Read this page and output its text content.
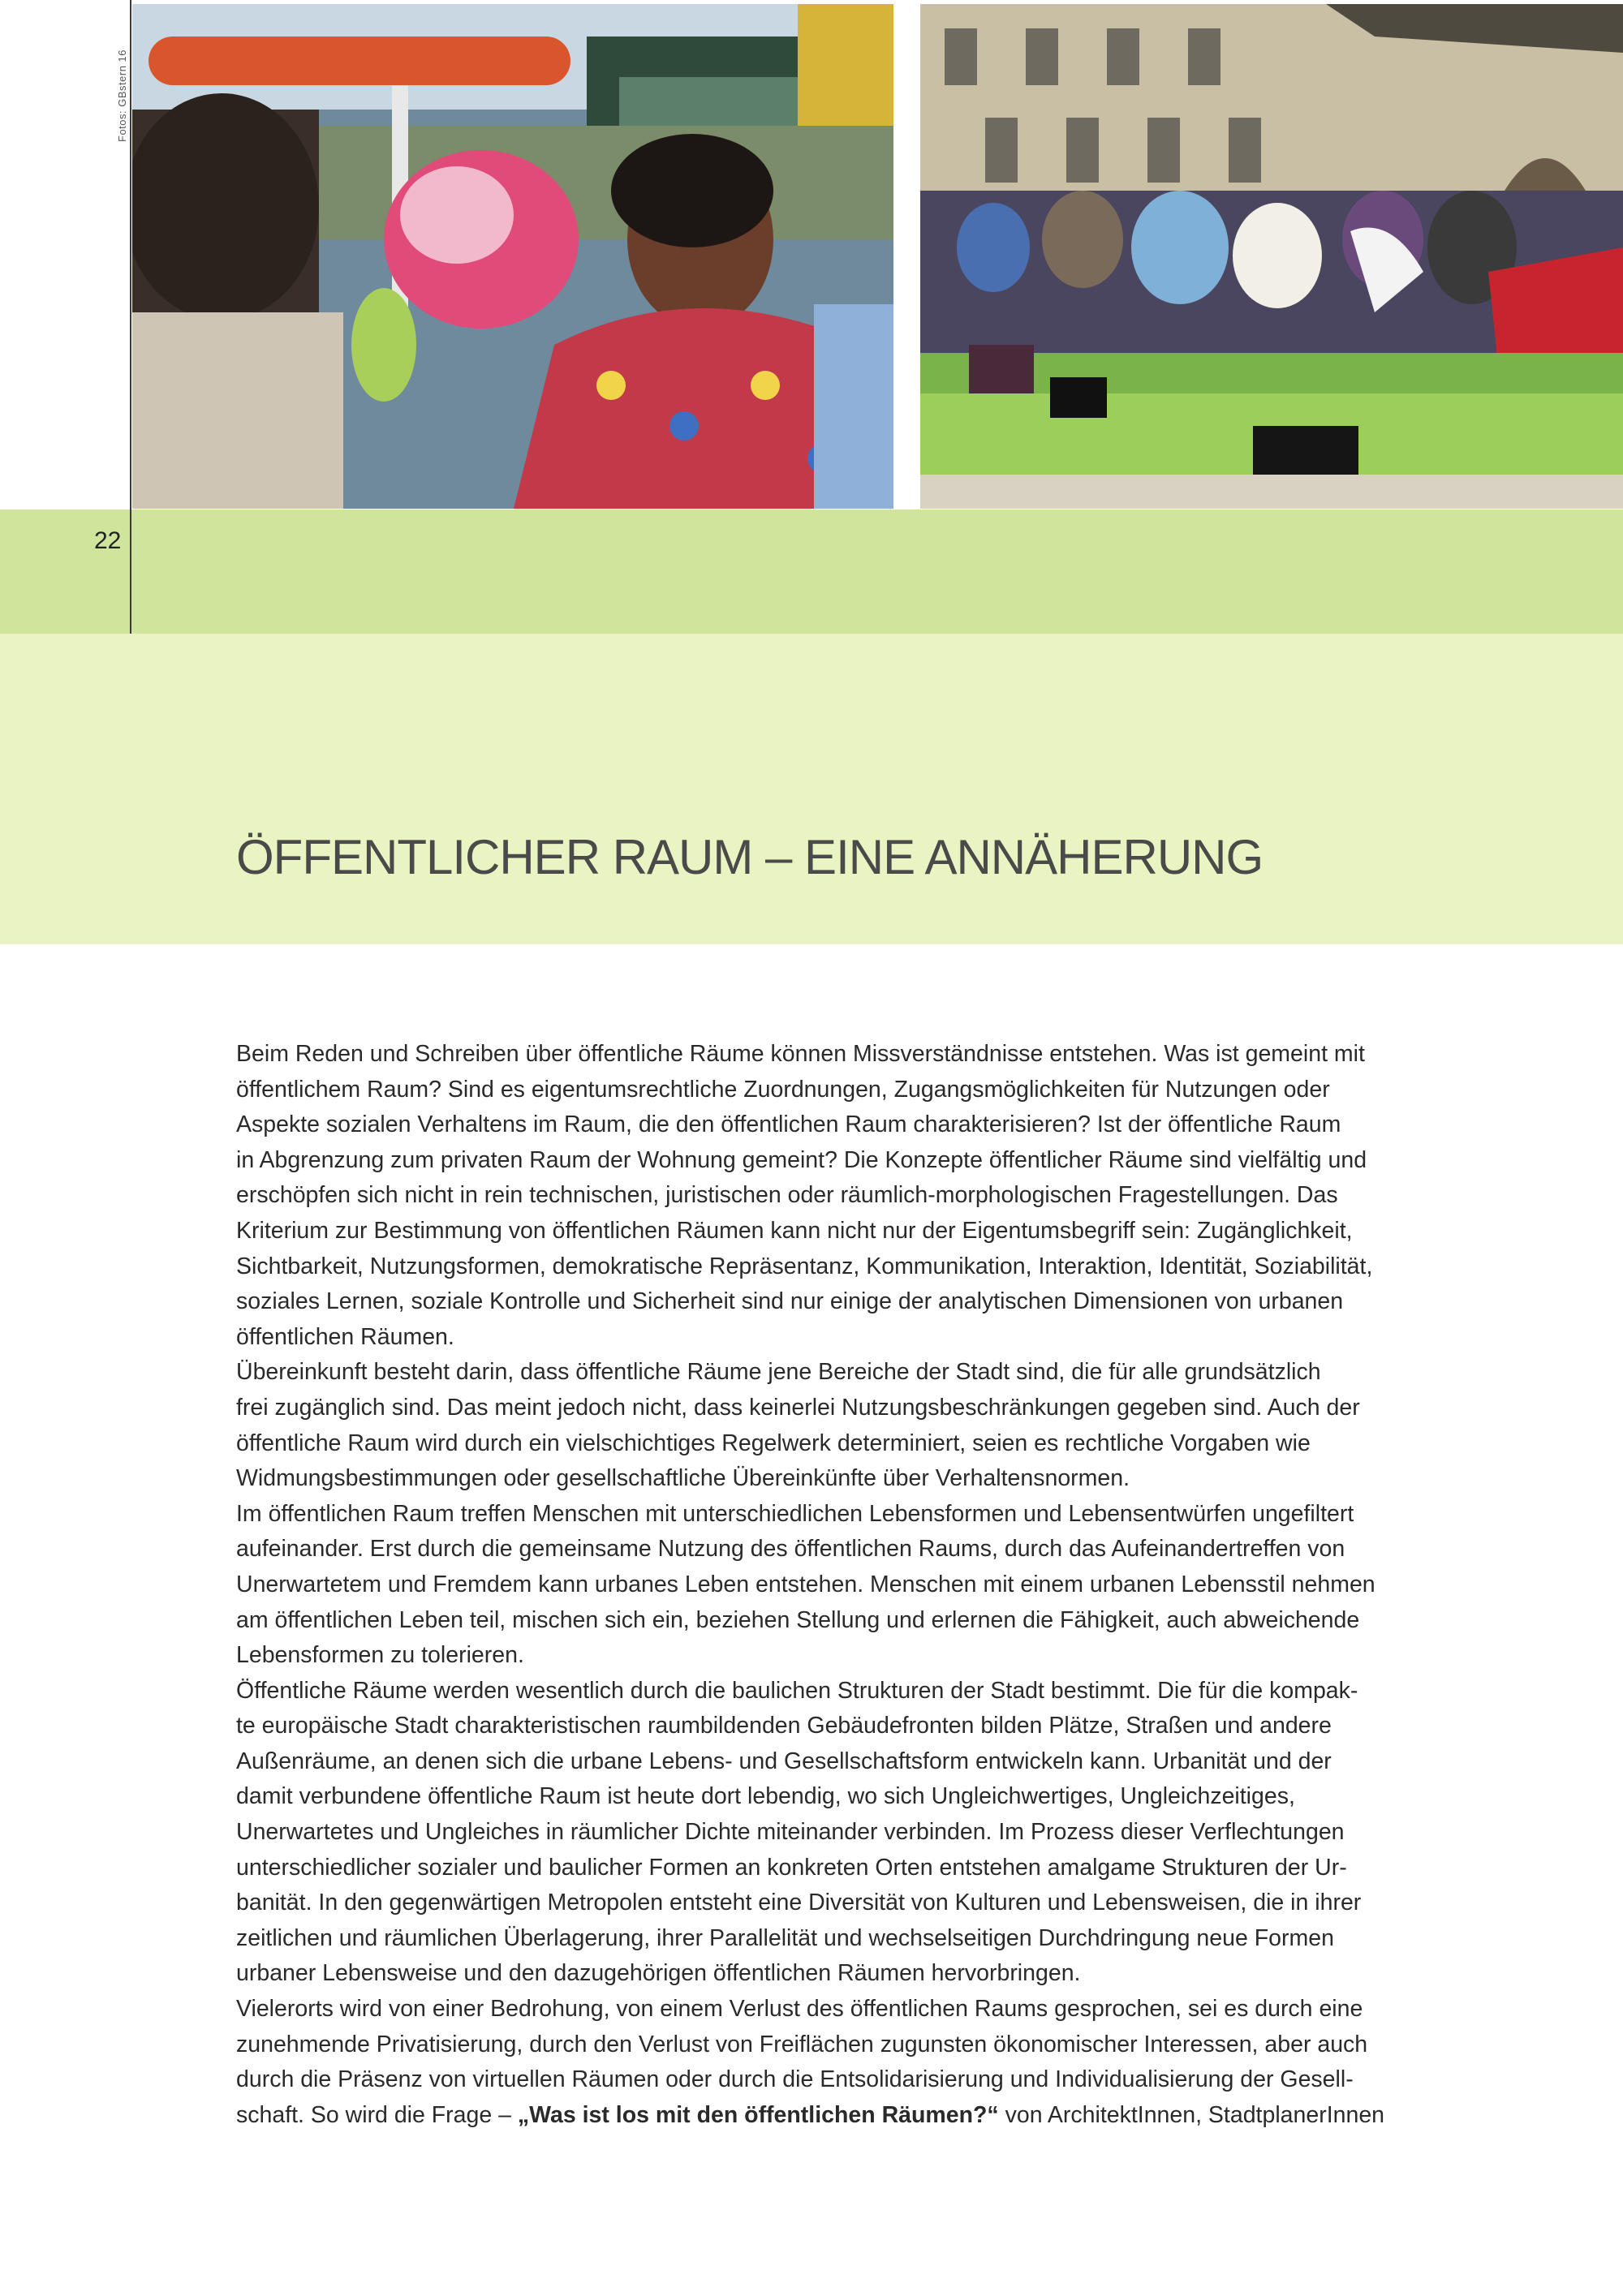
Fotos: GBstern 16
22
ÖFFENTLICHER RAUM – EINE ANNÄHERUNG

Beim Reden und Schreiben über öffentliche Räume können Missverständnisse entstehen. Was ist gemeint mit
öffentlichem Raum? Sind es eigentumsrechtliche Zuordnungen, Zugangsmöglichkeiten für Nutzungen oder
Aspekte sozialen Verhaltens im Raum, die den öffentlichen Raum charakterisieren? Ist der öffentliche Raum
in Abgrenzung zum privaten Raum der Wohnung gemeint? Die Konzepte öffentlicher Räume sind vielfältig und
erschöpfen sich nicht in rein technischen, juristischen oder räumlich-morphologischen Fragestellungen. Das
Kriterium zur Bestimmung von öffentlichen Räumen kann nicht nur der Eigentumsbegriff sein: Zugänglichkeit,
Sichtbarkeit, Nutzungsformen, demokratische Repräsentanz, Kommunikation, Interaktion, Identität, Soziabilität,
soziales Lernen, soziale Kontrolle und Sicherheit sind nur einige der analytischen Dimensionen von urbanen
öffentlichen Räumen.

Übereinkunft besteht darin, dass öffentliche Räume jene Bereiche der Stadt sind, die für alle grundsätzlich
frei zugänglich sind. Das meint jedoch nicht, dass keinerlei Nutzungsbeschränkungen gegeben sind. Auch der
öffentliche Raum wird durch ein vielschichtiges Regelwerk determiniert, seien es rechtliche Vorgaben wie
Widmungsbestimmungen oder gesellschaftliche Übereinkünfte über Verhaltensnormen.

Im öffentlichen Raum treffen Menschen mit unterschiedlichen Lebensformen und Lebensentwürfen ungefiltert
aufeinander. Erst durch die gemeinsame Nutzung des öffentlichen Raums, durch das Aufeinandertreffen von
Unerwartetem und Fremdem kann urbanes Leben entstehen. Menschen mit einem urbanen Lebensstil nehmen
am öffentlichen Leben teil, mischen sich ein, beziehen Stellung und erlernen die Fähigkeit, auch abweichende
Lebensformen zu tolerieren.

Öffentliche Räume werden wesentlich durch die baulichen Strukturen der Stadt bestimmt. Die für die kompak-
te europäische Stadt charakteristischen raumbildenden Gebäudefronten bilden Plätze, Straßen und andere
Außenräume, an denen sich die urbane Lebens- und Gesellschaftsform entwickeln kann. Urbanität und der
damit verbundene öffentliche Raum ist heute dort lebendig, wo sich Ungleichwertiges, Ungleichzeitiges,
Unerwartetes und Ungleiches in räumlicher Dichte miteinander verbinden. Im Prozess dieser Verflechtungen
unterschiedlicher sozialer und baulicher Formen an konkreten Orten entstehen amalgame Strukturen der Ur-
banität. In den gegenwärtigen Metropolen entsteht eine Diversität von Kulturen und Lebensweisen, die in ihrer
zeitlichen und räumlichen Überlagerung, ihrer Parallelität und wechselseitigen Durchdringung neue Formen
urbaner Lebensweise und den dazugehörigen öffentlichen Räumen hervorbringen.

Vielerorts wird von einer Bedrohung, von einem Verlust des öffentlichen Raums gesprochen, sei es durch eine
zunehmende Privatisierung, durch den Verlust von Freiflächen zugunsten ökonomischer Interessen, aber auch
durch die Präsenz von virtuellen Räumen oder durch die Entsolidarisierung und Individualisierung der Gesell-
schaft. So wird die Frage – „Was ist los mit den öffentlichen Räumen?“ von ArchitektInnen, StadtplanerInnen
